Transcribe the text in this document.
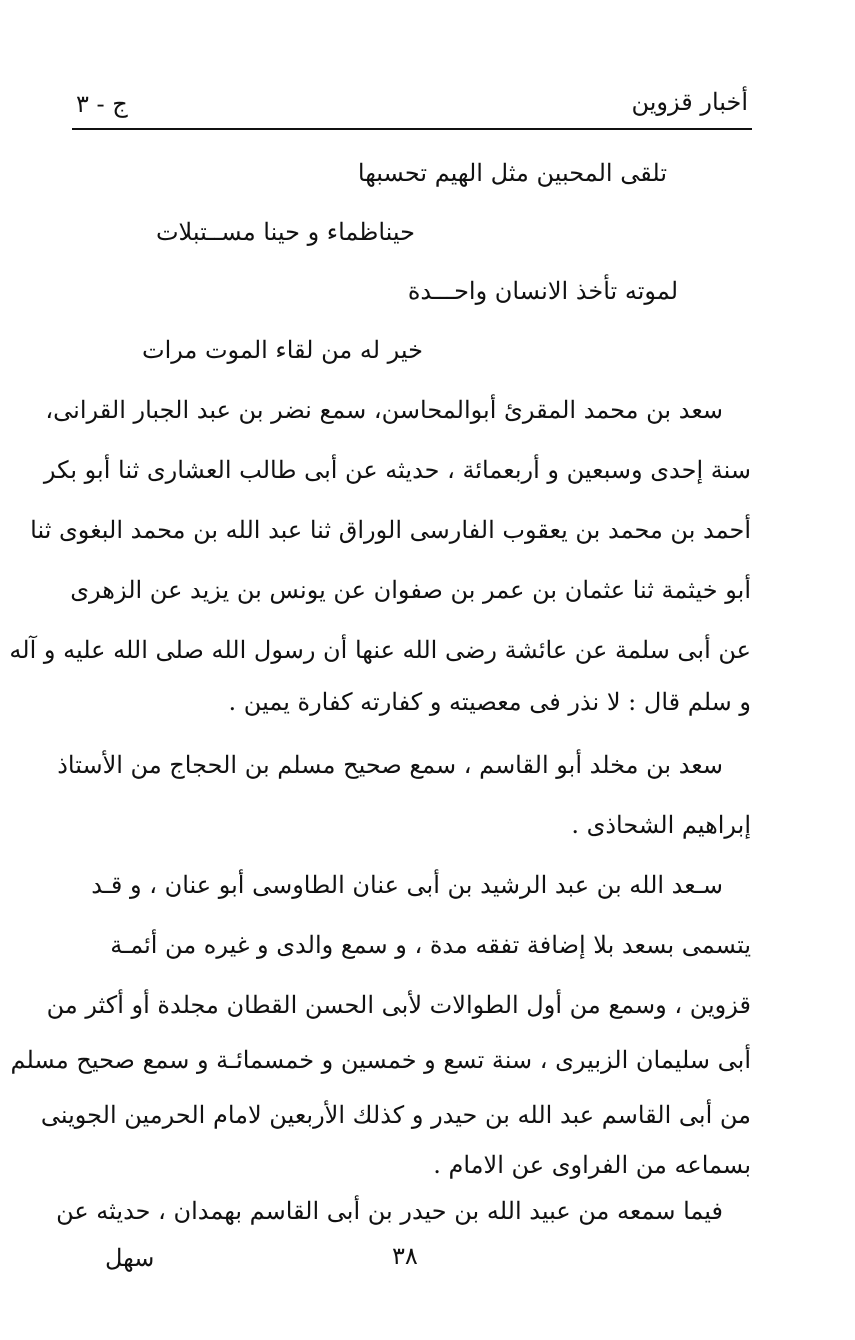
أخبار قزوين
ج - ٣
تلقى المحبين مثل الهيم تحسبها
حيناظماء و حينا مســتبلات
لموته تأخذ الانسان واحـــدة
خير له من لقاء الموت مرات
سعد بن محمد المقرئ أبوالمحاسن، سمع نضر بن عبد الجبار القرانى،
سنة إحدى وسبعين و أربعمائة ، حديثه عن أبى طالب العشارى ثنا أبو بكر
أحمد بن محمد بن يعقوب الفارسى الوراق ثنا عبد الله بن محمد البغوى ثنا
أبو خيثمة ثنا عثمان بن عمر بن صفوان عن يونس بن يزيد عن الزهرى
عن أبى سلمة عن عائشة رضى الله عنها أن رسول الله صلى الله عليه و آله
و سلم قال : لا نذر فى معصيته و كفارته كفارة يمين .
سعد بن مخلد أبو القاسم ، سمع صحيح مسلم بن الحجاج من الأستاذ
إبراهيم الشحاذى .
سـعد الله بن عبد الرشيد بن أبى عنان الطاوسى أبو عنان ، و قـد
يتسمى بسعد بلا إضافة تفقه مدة ، و سمع والدى و غيره من أئمـة
قزوين ، وسمع من أول الطوالات لأبى الحسن القطان مجلدة أو أكثر من
أبى سليمان الزبيرى ، سنة تسع و خمسين و خمسمائـة و سمع صحيح مسلم
من أبى القاسم عبد الله بن حيدر و كذلك الأربعين لامام الحرمين الجوينى
بسماعه من الفراوى عن الامام .
فيما سمعه من عبيد الله بن حيدر بن أبى القاسم بهمدان ، حديثه عن
٣٨
سهل
